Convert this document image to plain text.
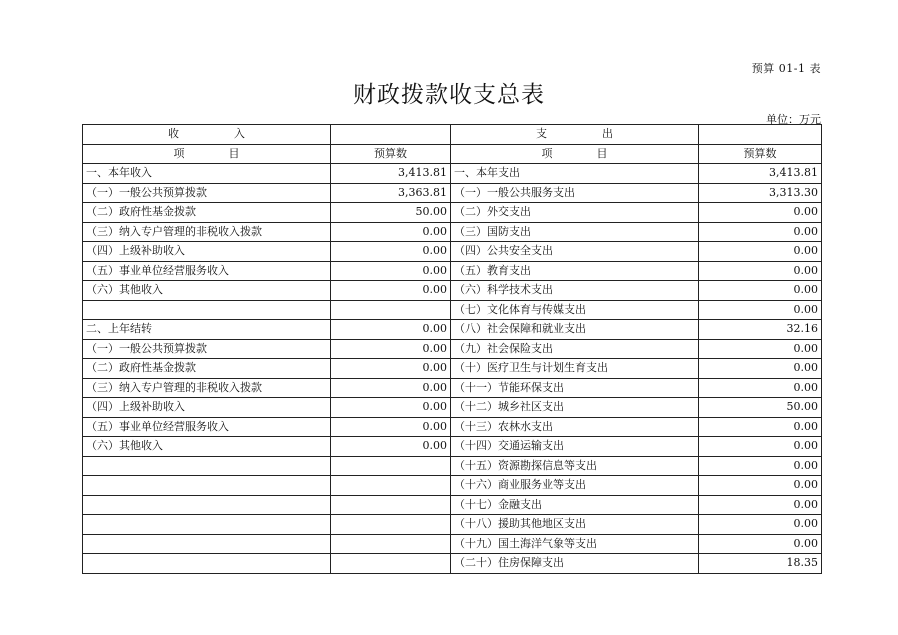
预算 01-1 表
财政拨款收支总表
单位：万元
收　　　　　入		支　　　　　出	
项　　　　目	预算数	项　　　　目	预算数
一、本年收入	3,413.81	一、本年支出	3,413.81
（一）一般公共预算拨款	3,363.81	（一）一般公共服务支出	3,313.30
（二）政府性基金拨款	50.00	（二）外交支出	0.00
（三）纳入专户管理的非税收入拨款	0.00	（三）国防支出	0.00
（四）上级补助收入	0.00	（四）公共安全支出	0.00
（五）事业单位经营服务收入	0.00	（五）教育支出	0.00
（六）其他收入	0.00	（六）科学技术支出	0.00
		（七）文化体育与传媒支出	0.00
二、上年结转	0.00	（八）社会保障和就业支出	32.16
（一）一般公共预算拨款	0.00	（九）社会保险支出	0.00
（二）政府性基金拨款	0.00	（十）医疗卫生与计划生育支出	0.00
（三）纳入专户管理的非税收入拨款	0.00	（十一）节能环保支出	0.00
（四）上级补助收入	0.00	（十二）城乡社区支出	50.00
（五）事业单位经营服务收入	0.00	（十三）农林水支出	0.00
（六）其他收入	0.00	（十四）交通运输支出	0.00
		（十五）资源勘探信息等支出	0.00
		（十六）商业服务业等支出	0.00
		（十七）金融支出	0.00
		（十八）援助其他地区支出	0.00
		（十九）国土海洋气象等支出	0.00
		（二十）住房保障支出	18.35
